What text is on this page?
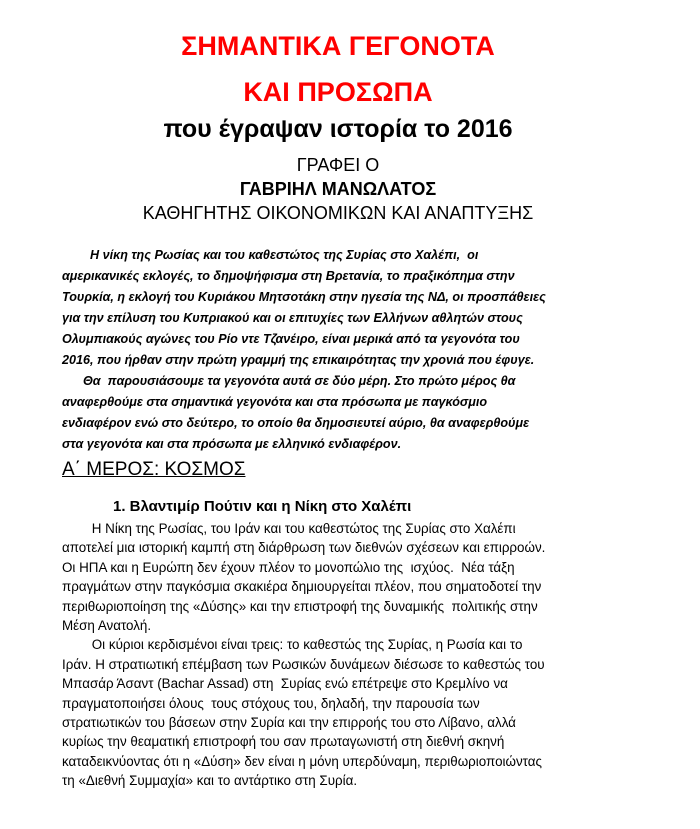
ΣΗΜΑΝΤΙΚΑ ΓΕΓΟΝΟΤΑ
ΚΑΙ ΠΡΟΣΩΠΑ
που έγραψαν ιστορία το 2016
ΓΡΑΦΕΙ Ο
ΓΑΒΡΙΗΛ ΜΑΝΩΛΑΤΟΣ
ΚΑΘΗΓΗΤΗΣ ΟΙΚΟΝΟΜΙΚΩΝ ΚΑΙ ΑΝΑΠΤΥΞΗΣ

Η νίκη της Ρωσίας και του καθεστώτος της Συρίας στο Χαλέπι,  οι

αμερικανικές εκλογές, το δημοψήφισμα στη Βρετανία, το πραξικόπημα στην

Τουρκία, η εκλογή του Κυριάκου Μητσοτάκη στην ηγεσία της ΝΔ, οι προσπάθειες

για την επίλυση του Κυπριακού και οι επιτυχίες των Ελλήνων αθλητών στους

Ολυμπιακούς αγώνες του Ρίο ντε Τζανέιρο, είναι μερικά από τα γεγονότα του

2016, που ήρθαν στην πρώτη γραμμή της επικαιρότητας την χρονιά που έφυγε.

Θα  παρουσιάσουμε τα γεγονότα αυτά σε δύο μέρη. Στο πρώτο μέρος θα

αναφερθούμε στα σημαντικά γεγονότα και στα πρόσωπα με παγκόσμιο

ενδιαφέρον ενώ στο δεύτερο, το οποίο θα δημοσιευτεί αύριο, θα αναφερθούμε

στα γεγονότα και στα πρόσωπα με ελληνικό ενδιαφέρον.

Α΄ ΜΕΡΟΣ: ΚΟΣΜΟΣ
1. Βλαντιμίρ Πούτιν και η Νίκη στο Χαλέπι

Η Νίκη της Ρωσίας, του Ιράν και του καθεστώτος της Συρίας στο Χαλέπι

αποτελεί μια ιστορική καμπή στη διάρθρωση των διεθνών σχέσεων και επιρροών.

Οι ΗΠΑ και η Ευρώπη δεν έχουν πλέον το μονοπώλιο της  ισχύος.  Νέα τάξη

πραγμάτων στην παγκόσμια σκακιέρα δημιουργείται πλέον, που σηματοδοτεί την

περιθωριοποίηση της «Δύσης» και την επιστροφή της δυναμικής  πολιτικής στην

Μέση Ανατολή.

Οι κύριοι κερδισμένοι είναι τρεις: το καθεστώς της Συρίας, η Ρωσία και το

Ιράν. Η στρατιωτική επέμβαση των Ρωσικών δυνάμεων διέσωσε το καθεστώς του

Μπασάρ Άσαντ (Bachar Assad) στη  Συρίας ενώ επέτρεψε στο Κρεμλίνο να

πραγματοποιήσει όλους  τους στόχους του, δηλαδή, την παρουσία των

στρατιωτικών του βάσεων στην Συρία και την επιρροής του στο Λίβανο, αλλά

κυρίως την θεαματική επιστροφή του σαν πρωταγωνιστή στη διεθνή σκηνή

καταδεικνύοντας ότι η «Δύση» δεν είναι η μόνη υπερδύναμη, περιθωριοποιώντας

τη «Διεθνή Συμμαχία» και το αντάρτικο στη Συρία.
